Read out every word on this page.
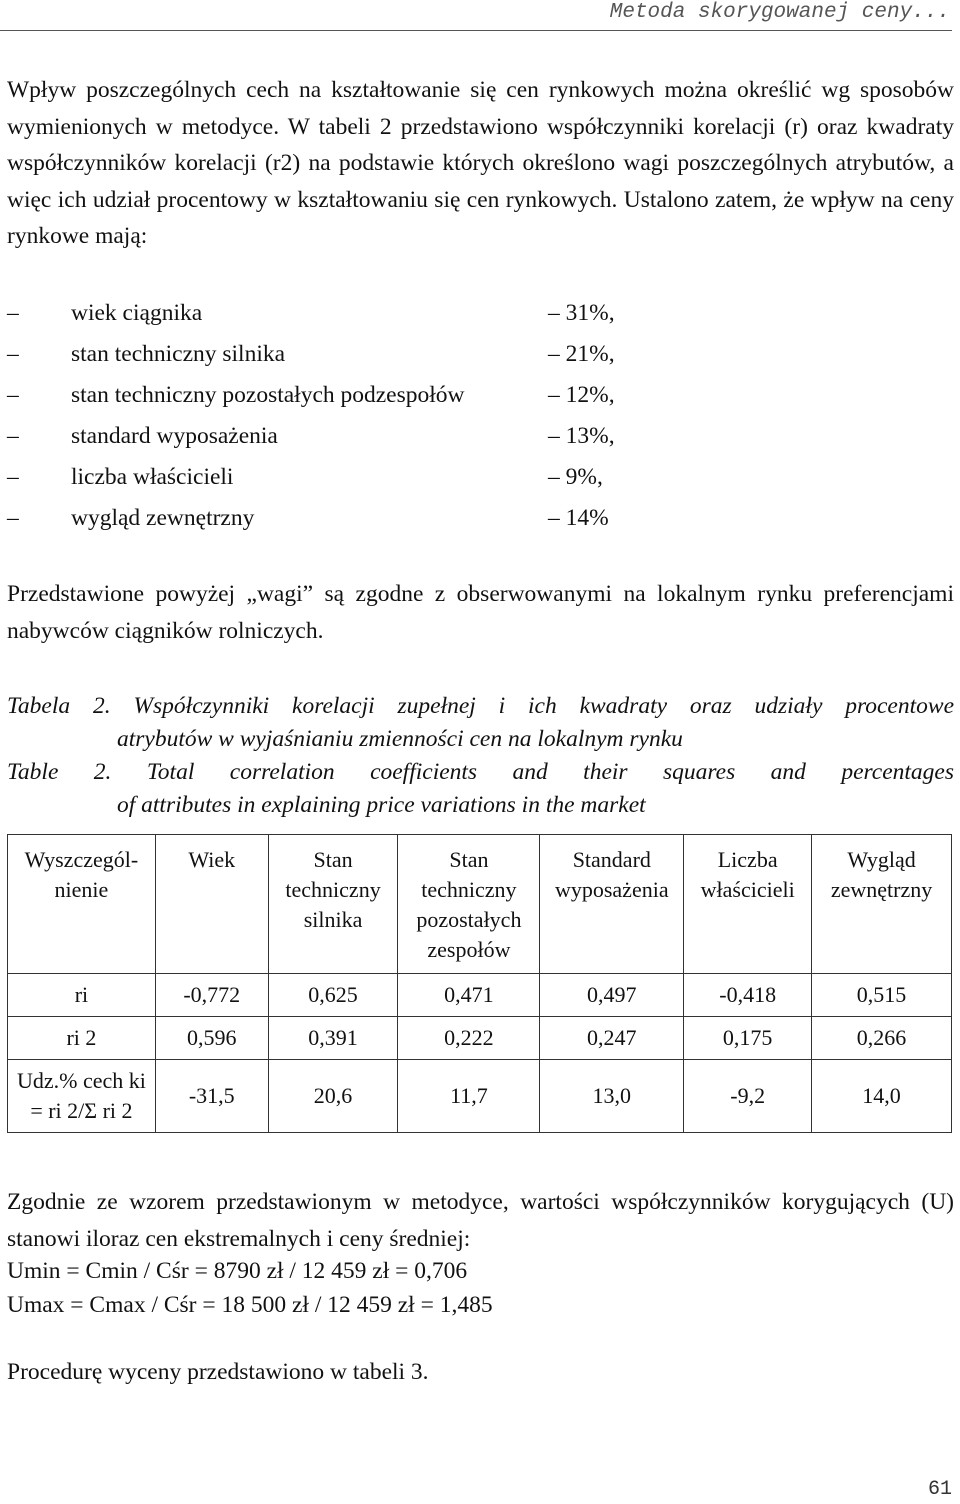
Metoda skorygowanej ceny...

Wpływ poszczególnych cech na kształtowanie się cen rynkowych można określić wg sposobów wymienionych w metodyce. W tabeli 2 przedstawiono współczynniki korelacji (r) oraz kwadraty współczynników korelacji (r2) na podstawie których określono wagi poszczególnych atrybutów, a więc ich udział procentowy w kształtowaniu się cen rynkowych. Ustalono zatem, że wpływ na ceny rynkowe mają:

– wiek ciągnika	– 31%,
– stan techniczny silnika	– 21%,
– stan techniczny pozostałych podzespołów	– 12%,
– standard wyposażenia	– 13%,
– liczba właścicieli	– 9%,
– wygląd zewnętrzny	– 14%

Przedstawione powyżej „wagi” są zgodne z obserwowanymi na lokalnym rynku preferencjami nabywców ciągników rolniczych.

Tabela 2. Współczynniki korelacji zupełnej i ich kwadraty oraz udziały procentowe
atrybutów w wyjaśnianiu zmienności cen na lokalnym rynku
Table 2. Total correlation coefficients and their squares and percentages
of attributes in explaining price variations in the market
Wyszczegól-nienie	Wiek	Stan techniczny silnika	Stan techniczny pozostałych zespołów	Standard wyposażenia	Liczba właścicieli	Wygląd zewnętrzny
ri	-0,772	0,625	0,471	0,497	-0,418	0,515
ri 2	0,596	0,391	0,222	0,247	0,175	0,266
Udz.% cech ki = ri 2/Σ ri 2	-31,5	20,6	11,7	13,0	-9,2	14,0

Zgodnie ze wzorem przedstawionym w metodyce, wartości współczynników korygujących (U) stanowi iloraz cen ekstremalnych i ceny średniej:

Umin = Cmin / Cśr = 8790 zł / 12 459 zł = 0,706

Umax = Cmax / Cśr = 18 500 zł / 12 459 zł = 1,485

Procedurę wyceny przedstawiono w tabeli 3.

61
